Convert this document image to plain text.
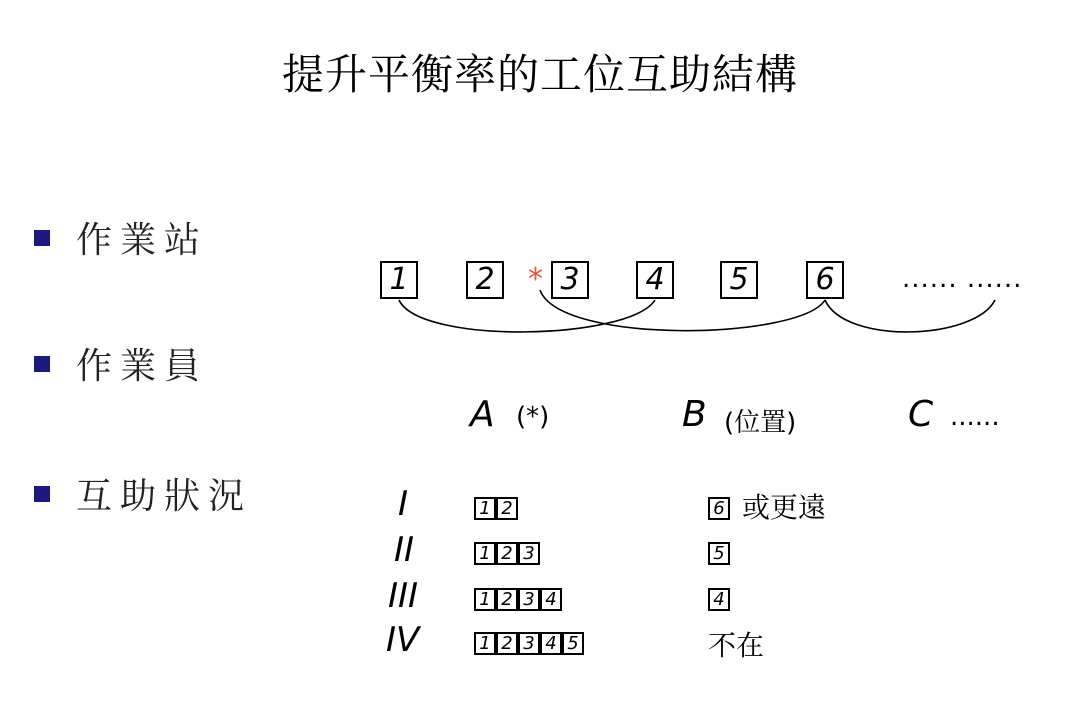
提升平衡率的工位互助結構
作業站
作業員
互助狀況
1	2	* 3	4	5	6	...... ......
A (*)	B (位置)	C ......
I	1 2	6 或更遠
II	1 2 3	5
III	1 2 3 4	4
IV	1 2 3 4 5	不在
